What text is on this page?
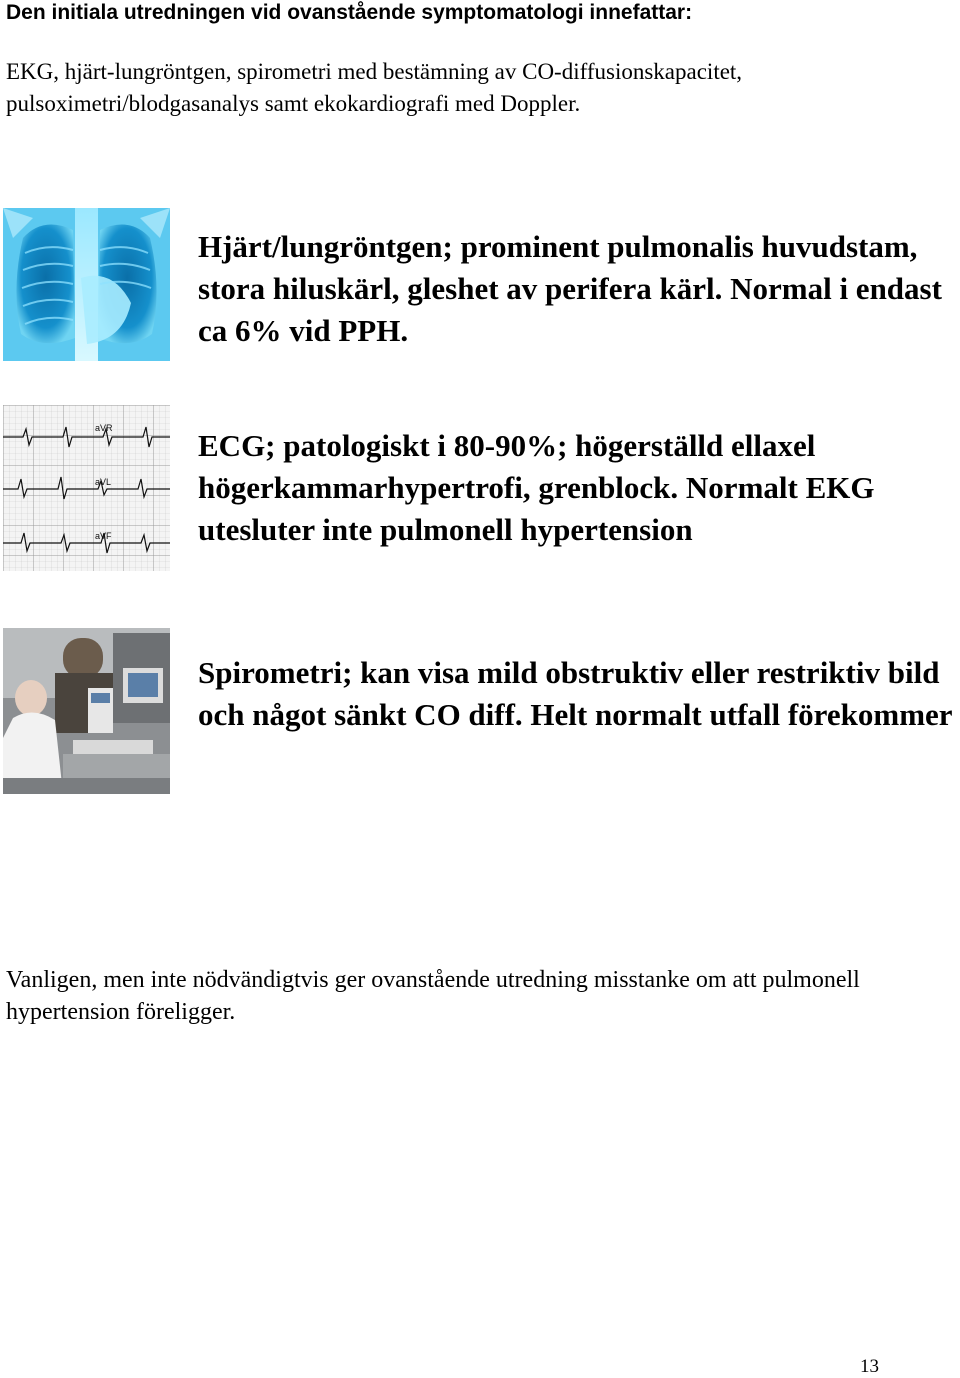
Den initiala utredningen vid ovanstående symptomatologi innefattar:

EKG, hjärt-lungröntgen, spirometri med bestämning av CO-diffusionskapacitet, pulsoximetri/blodgasanalys samt ekokardiografi med Doppler.

Hjärt/lungröntgen; prominent pulmonalis huvudstam, stora hiluskärl, gleshet av perifera kärl. Normal i endast ca 6% vid PPH.

aVR
aVL
aVF

ECG; patologiskt i 80-90%; högerställd ellaxel högerkammarhypertrofi, grenblock. Normalt EKG utesluter inte pulmonell hypertension

Spirometri; kan visa mild obstruktiv eller restriktiv bild och något sänkt CO diff. Helt normalt utfall förekommer

Vanligen, men inte nödvändigtvis ger ovanstående utredning misstanke om att pulmonell hypertension föreligger.

13
